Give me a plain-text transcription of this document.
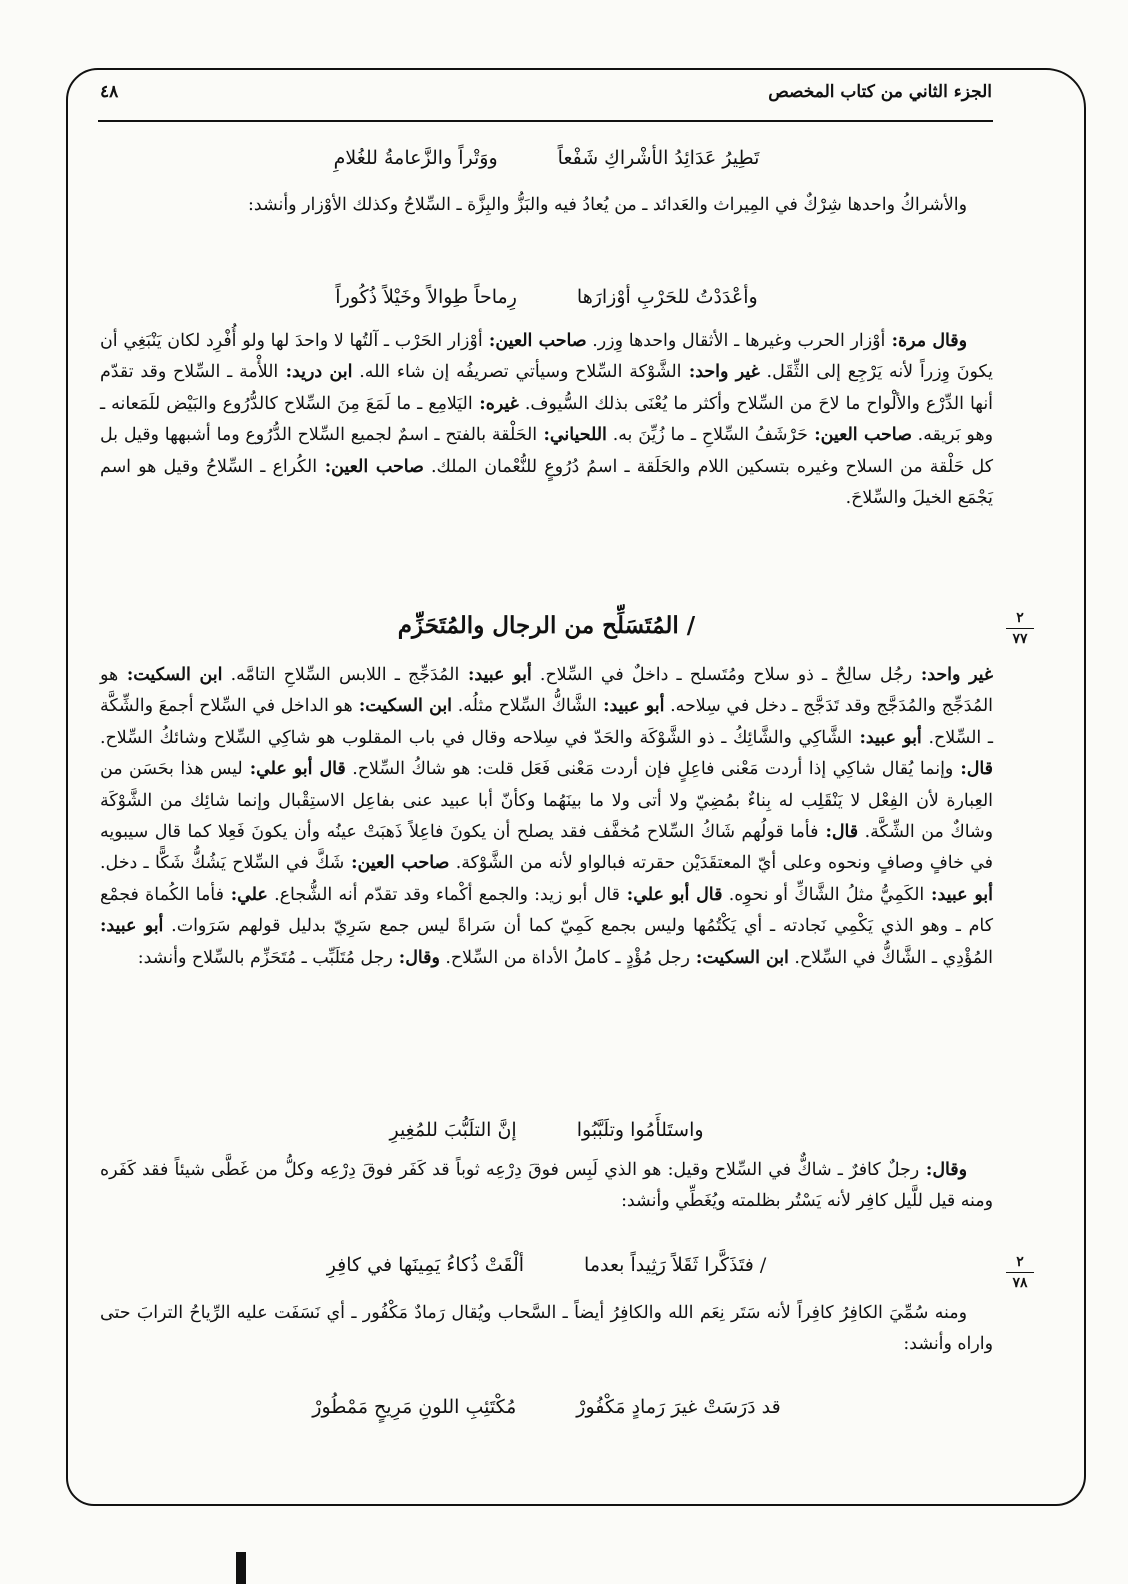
الجزء الثاني من كتاب المخصص
٤٨
تَطِيرُ عَدَائِدُ الأشْراكِ شَفْعاً
ووَتْراً والزَّعامةُ للغُلامِ

والأشراكُ واحدها شِرْكٌ في المِيراث والعَدائد ـ من يُعادُ فيه والبَزُّ والبِزَّة ـ السِّلاحُ وكذلك الأوْزار وأنشد:

وأعْدَدْتُ للحَرْبِ أوْزارَها
رِماحاً طِوالاً وخَيْلاً ذُكُوراً

وقال مرة: أوْزار الحرب وغيرها ـ الأثقال واحدها وِزر. صاحب العين: أوْزار الحَرْب ـ آلتُها لا واحدَ لها ولو أُفْرِد لكان يَنْبَغِي أن يكونَ وِزراً لأنه يَرْجِع إلى الثِّقَل. غير واحد: الشَّوْكة السِّلاح وسيأتي تصريفُه إن شاء الله. ابن دريد: اللأْمة ـ السِّلاح وقد تقدّم أنها الدِّرْع والألْواح ما لاحَ من السِّلاح وأكثر ما يُعْنَى بذلك السُّيوف. غيره: اليَلامِع ـ ما لَمَعَ مِنَ السِّلاح كالدُّرُوع والبَيْض للَمَعانه ـ وهو بَريقه. صاحب العين: حَرْشَفُ السِّلاحِ ـ ما زُيِّنَ به. اللحياني: الحَلْقة بالفتح ـ اسمٌ لجميع السِّلاح الدُّرُوع وما أشبهها وقيل بل كل حَلْقة من السلاح وغيره بتسكين اللام والحَلَقة ـ اسمُ دُرُوعٍ للنُّعْمان الملك. صاحب العين: الكُراع ـ السِّلاحُ وقيل هو اسم يَجْمَع الخيلَ والسِّلاحَ.

/ المُتَسَلِّح من الرجال والمُتَحَزِّم	٢
٧٧

غير واحد: رجُل سالِحٌ ـ ذو سلاح ومُتَسلح ـ داخلٌ في السِّلاح. أبو عبيد: المُدَجِّج ـ اللابس السِّلاحِ التامَّه. ابن السكيت: هو المُدَجِّج والمُدَجَّج وقد تَدَجَّج ـ دخل في سِلاحه. أبو عبيد: الشَّاكُّ السِّلاح مثلُه. ابن السكيت: هو الداخل في السِّلاح أجمعَ والشِّكَّة ـ السِّلاح. أبو عبيد: الشَّاكِي والشَّائِكُ ـ ذو الشَّوْكَة والحَدّ في سِلاحه وقال في باب المقلوب هو شاكِي السِّلاح وشائكُ السِّلاح. قال: وإنما يُقال شاكِي إذا أردت مَعْنى فاعِلٍ فإن أردت مَعْنى فَعَل قلت: هو شاكُ السِّلاح. قال أبو علي: ليس هذا بحَسَن من العِبارة لأن الفِعْل لا يَنْقَلِب له بِناءٌ بمُضِيّ ولا أتى ولا ما بينَهُما وكأنّ أبا عبيد عنى بفاعِل الاستِقْبال وإنما شائِك من الشَّوْكَة وشاكٌ من الشِّكَّة. قال: فأما قولُهم شَاكُ السِّلاح مُخفَّف فقد يصلح أن يكونَ فاعِلاً ذَهبَتْ عينُه وأن يكونَ فَعِلا كما قال سيبويه في خافٍ وصافٍ ونحوه وعلى أيّ المعتقَدَيْن حقرته فبالواو لأنه من الشَّوْكة. صاحب العين: شَكَّ في السِّلاح يَشُكُّ شَكًّا ـ دخل. أبو عبيد: الكَمِيُّ مثلُ الشَّاكِّ أو نحوِه. قال أبو علي: قال أبو زيد: والجمع أكْماء وقد تقدّم أنه الشُّجاع. علي: فأما الكُماة فجمْع كام ـ وهو الذي يَكْمِي نَجادته ـ أي يَكْتُمُها وليس بجمع كَمِيّ كما أن سَراةً ليس جمع سَرِيّ بدليل قولهم سَرَوات. أبو عبيد: المُؤْدِي ـ الشَّاكُّ في السِّلاح. ابن السكيت: رجل مُؤْدٍ ـ كاملُ الأداة من السِّلاح. وقال: رجل مُتَلَبِّب ـ مُتَحَزِّم بالسِّلاح وأنشد:

واستَلأَمُوا وتلَبَّبُوا
إنَّ التلَبُّبَ للمُغِيرِ

وقال: رجلٌ كافرٌ ـ شاكٌّ في السِّلاح وقيل: هو الذي لَبِس فوقَ دِرْعِه ثوباً قد كَفَر فوقَ دِرْعِه وكلُّ من غَطَّى شيئاً فقد كَفَره ومنه قيل للَّيل كافِر لأنه يَسْتُر بظلمته ويُغَطِّي وأنشد:

/ فتَذَكَّرا ثَقَلاً رَثِيداً بعدما
ألْقَتْ ذُكاءُ يَمِينَها في كافِرِ	٢
٧٨

ومنه سُمِّيَ الكافِرُ كافِراً لأنه سَتَر نِعَم الله والكافِرُ أيضاً ـ السَّحاب ويُقال رَمادٌ مَكْفُور ـ أي نَسَفَت عليه الرِّياحُ الترابَ حتى واراه وأنشد:

قد دَرَسَتْ غيرَ رَمادٍ مَكْفُورْ
مُكْتَئِبِ اللونِ مَرِيحٍ مَمْطُورْ
